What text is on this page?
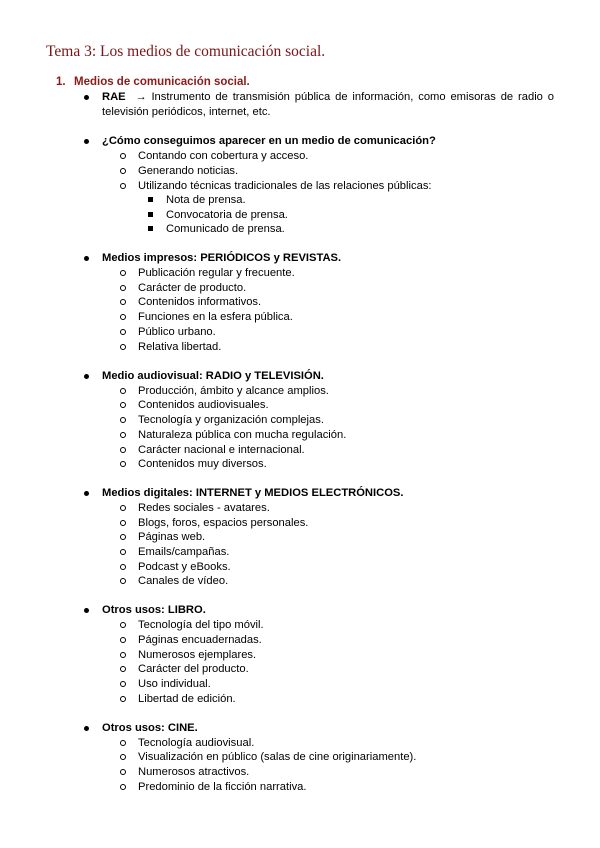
Tema 3: Los medios de comunicación social.
1. Medios de comunicación social.
RAE → Instrumento de transmisión pública de información, como emisoras de radio o televisión periódicos, internet, etc.
¿Cómo conseguimos aparecer en un medio de comunicación?
Contando con cobertura y acceso.
Generando noticias.
Utilizando técnicas tradicionales de las relaciones públicas:
Nota de prensa.
Convocatoria de prensa.
Comunicado de prensa.
Medios impresos: PERIÓDICOS y REVISTAS.
Publicación regular y frecuente.
Carácter de producto.
Contenidos informativos.
Funciones en la esfera pública.
Público urbano.
Relativa libertad.
Medio audiovisual: RADIO y TELEVISIÓN.
Producción, ámbito y alcance amplios.
Contenidos audiovisuales.
Tecnología y organización complejas.
Naturaleza pública con mucha regulación.
Carácter nacional e internacional.
Contenidos muy diversos.
Medios digitales: INTERNET y MEDIOS ELECTRÓNICOS.
Redes sociales - avatares.
Blogs, foros, espacios personales.
Páginas web.
Emails/campañas.
Podcast y eBooks.
Canales de vídeo.
Otros usos: LIBRO.
Tecnología del tipo móvil.
Páginas encuadernadas.
Numerosos ejemplares.
Carácter del producto.
Uso individual.
Libertad de edición.
Otros usos: CINE.
Tecnología audiovisual.
Visualización en público (salas de cine originariamente).
Numerosos atractivos.
Predominio de la ficción narrativa.
